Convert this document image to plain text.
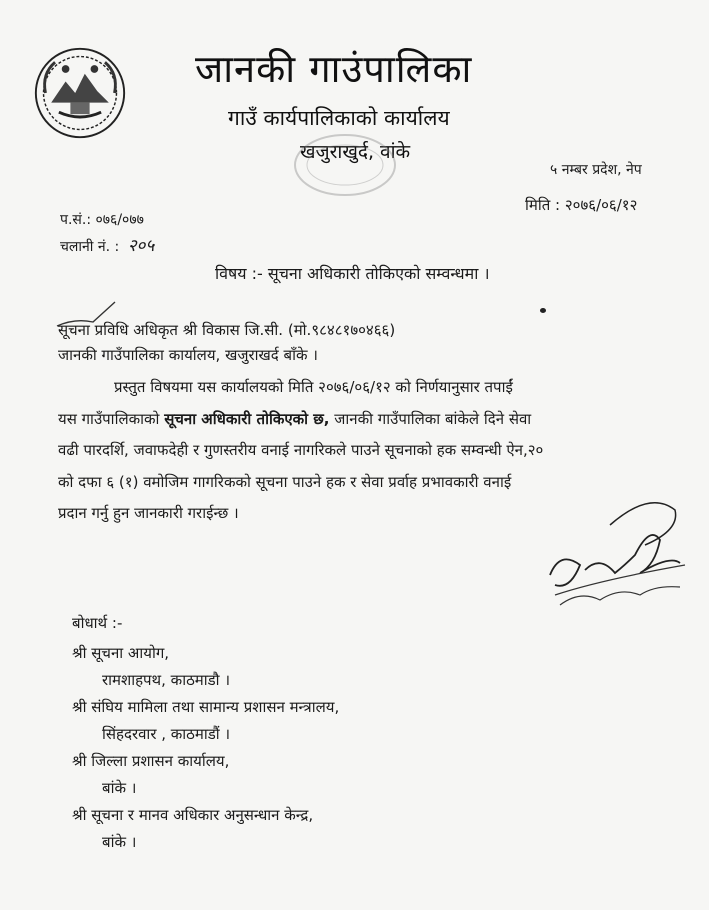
जानकी गाउंपालिका
गाउँ कार्यपालिकाको कार्यालय
खजुराखुर्द, वांके
५ नम्बर प्रदेश, नेप
मिति : २०७६/०६/१२
प.सं.: ०७६/०७७
चलानी नं. : २०५
विषय :- सूचना अधिकारी तोकिएको सम्वन्धमा ।
सूचना प्रविधि अधिकृत श्री विकास जि.सी. (मो.९८४८१७०४६६)
जानकी गाउँपालिका कार्यालय, खजुराखर्द बाँके ।

प्रस्तुत विषयमा यस कार्यालयको मिति २०७६/०६/१२ को निर्णयानुसार तपाईं

यस गाउँपालिकाको सूचना अधिकारी तोकिएको छ, जानकी गाउँपालिका बांकेले दिने सेवा

वढी पारदर्शि, जवाफदेही र गुणस्तरीय वनाई नागरिकले पाउने सूचनाको हक सम्वन्धी ऐन,२०

को दफा ६ (१) वमोजिम गागरिकको सूचना पाउने हक र सेवा प्रर्वाह प्रभावकारी वनाई

प्रदान गर्नु हुन जानकारी गराईन्छ ।

बोधार्थ :-
श्री सूचना आयोग,
रामशाहपथ, काठमाडौ ।
श्री संघिय मामिला तथा सामान्य प्रशासन मन्त्रालय,
सिंहदरवार , काठमाडौं ।
श्री जिल्ला प्रशासन कार्यालय,
बांके ।
श्री सूचना र मानव अधिकार अनुसन्धान केन्द्र,
बांके ।
